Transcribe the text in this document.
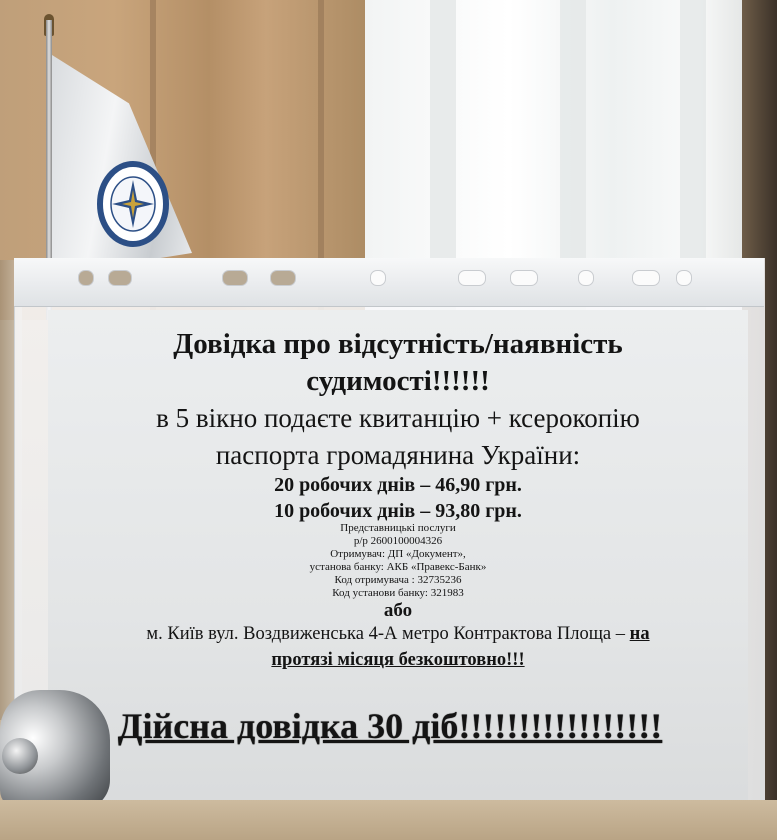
Довідка про відсутність/наявність
судимості!!!!!!
в 5 вікно подаєте квитанцію + ксерокопію
паспорта громадянина України:
20 робочих днів – 46,90 грн.
10 робочих днів – 93,80 грн.
Представницькі послуги
р/р 2600100004326
Отримувач: ДП «Документ»,
установа банку: АКБ «Правекс-Банк»
Код отримувача : 32735236
Код установи банку: 321983
або
м. Київ вул. Воздвиженська 4-А метро Контрактова Площа – на
протязі місяця безкоштовно!!!
Дійсна довідка 30 діб!!!!!!!!!!!!!!!!!
